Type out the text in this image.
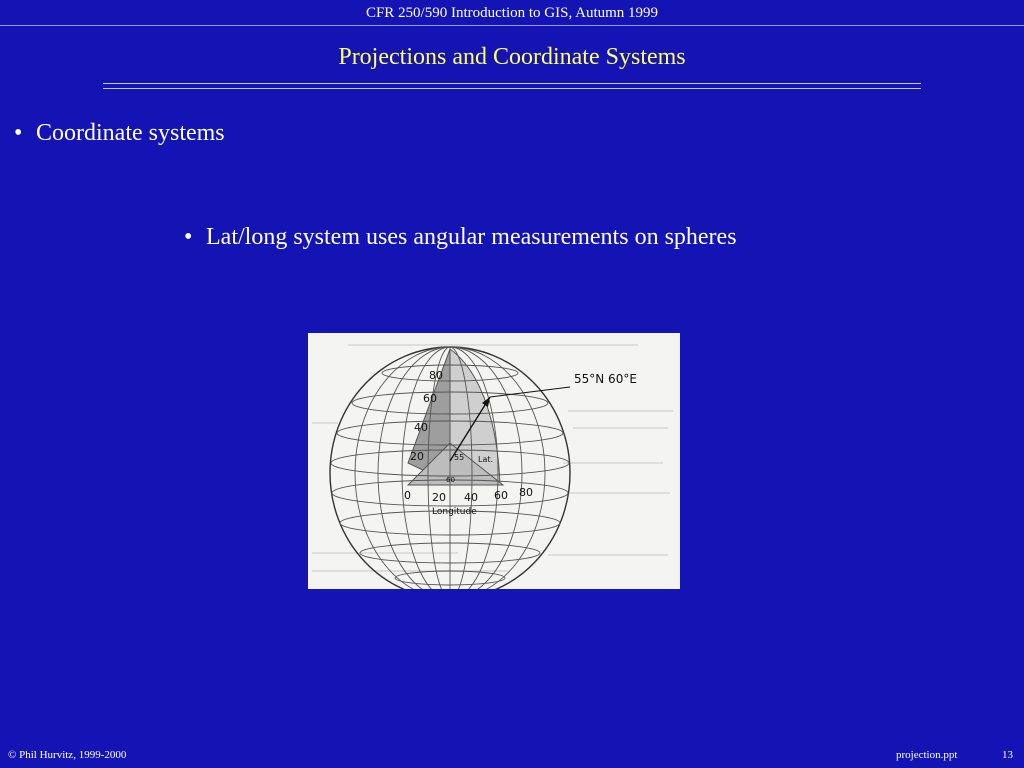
CFR 250/590 Introduction to GIS, Autumn 1999
Projections and Coordinate Systems
• Coordinate systems
• Lat/long system uses angular measurements on spheres
55°N 60°E
80
60
40
20
0 20 40 60 80
Longitude
55 Lat.
60
© Phil Hurvitz, 1999-2000	projection.ppt	13
